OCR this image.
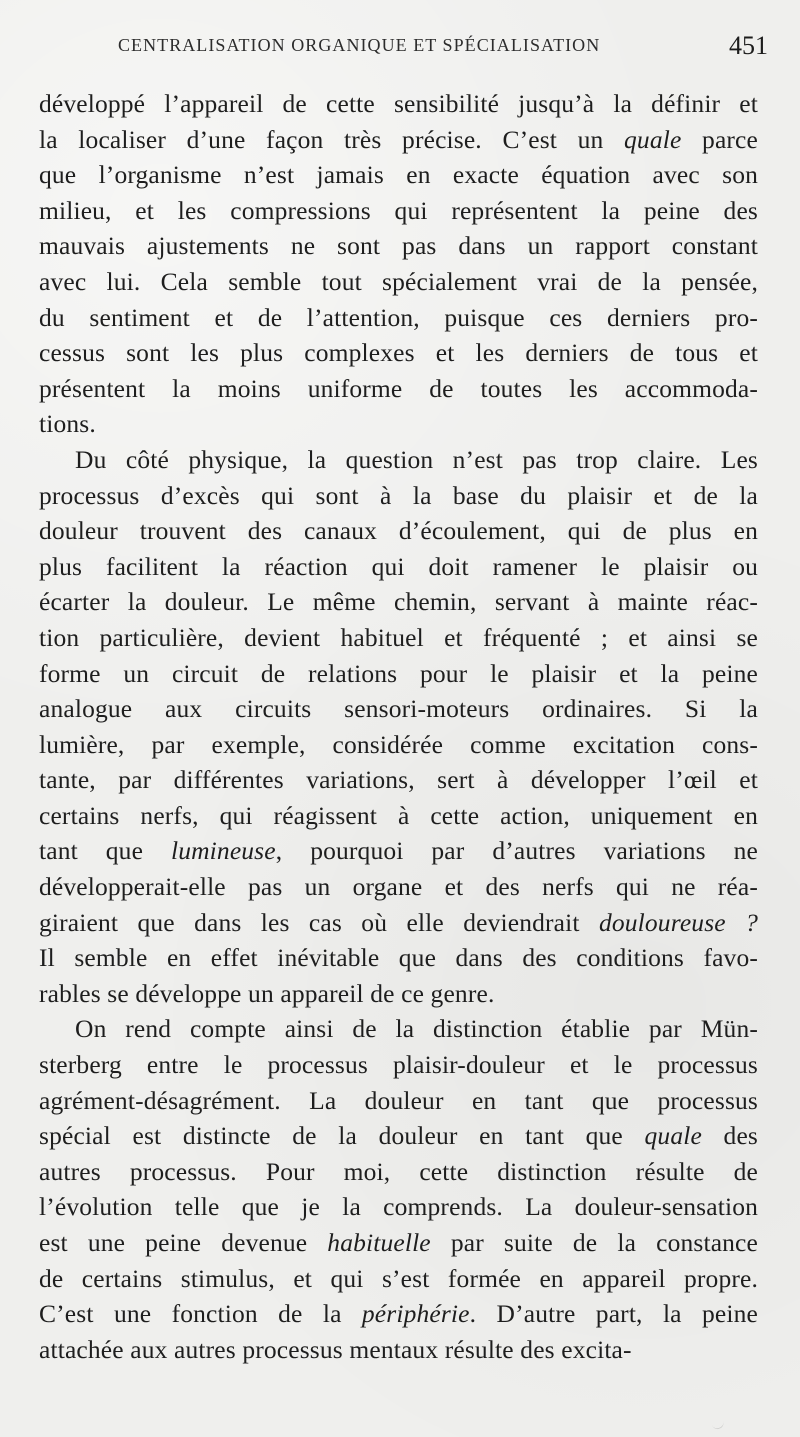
CENTRALISATION ORGANIQUE ET SPÉCIALISATION	451
développé l’appareil de cette sensibilité jusqu’à la définir et
la localiser d’une façon très précise. C’est un quale parce
que l’organisme n’est jamais en exacte équation avec son
milieu, et les compressions qui représentent la peine des
mauvais ajustements ne sont pas dans un rapport constant
avec lui. Cela semble tout spécialement vrai de la pensée,
du sentiment et de l’attention, puisque ces derniers pro-
cessus sont les plus complexes et les derniers de tous et
présentent la moins uniforme de toutes les accommoda-
tions.
Du côté physique, la question n’est pas trop claire. Les
processus d’excès qui sont à la base du plaisir et de la
douleur trouvent des canaux d’écoulement, qui de plus en
plus facilitent la réaction qui doit ramener le plaisir ou
écarter la douleur. Le même chemin, servant à mainte réac-
tion particulière, devient habituel et fréquenté ; et ainsi se
forme un circuit de relations pour le plaisir et la peine
analogue aux circuits sensori-moteurs ordinaires. Si la
lumière, par exemple, considérée comme excitation cons-
tante, par différentes variations, sert à développer l’œil et
certains nerfs, qui réagissent à cette action, uniquement en
tant que lumineuse, pourquoi par d’autres variations ne
développerait-elle pas un organe et des nerfs qui ne réa-
giraient que dans les cas où elle deviendrait douloureuse ?
Il semble en effet inévitable que dans des conditions favo-
rables se développe un appareil de ce genre.
On rend compte ainsi de la distinction établie par Mün-
sterberg entre le processus plaisir-douleur et le processus
agrément-désagrément. La douleur en tant que processus
spécial est distincte de la douleur en tant que quale des
autres processus. Pour moi, cette distinction résulte de
l’évolution telle que je la comprends. La douleur-sensation
est une peine devenue habituelle par suite de la constance
de certains stimulus, et qui s’est formée en appareil propre.
C’est une fonction de la périphérie. D’autre part, la peine
attachée aux autres processus mentaux résulte des excita-
